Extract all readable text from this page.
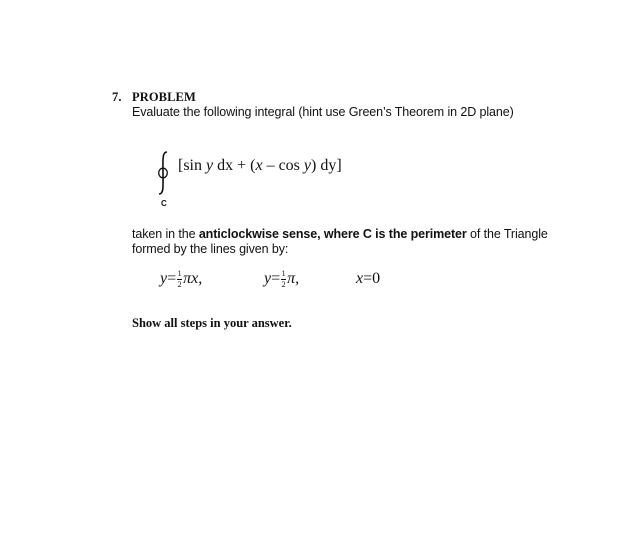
7. PROBLEM
Evaluate the following integral (hint use Green’s Theorem in 2D plane)
C
[sin y dx + (x – cos y) dy]
taken in the anticlockwise sense, where C is the perimeter of the Triangle
formed by the lines given by:
$y = \frac{1}{2} \pi x$,	$y = \frac{1}{2} \pi$,	x = 0
Show all steps in your answer.
